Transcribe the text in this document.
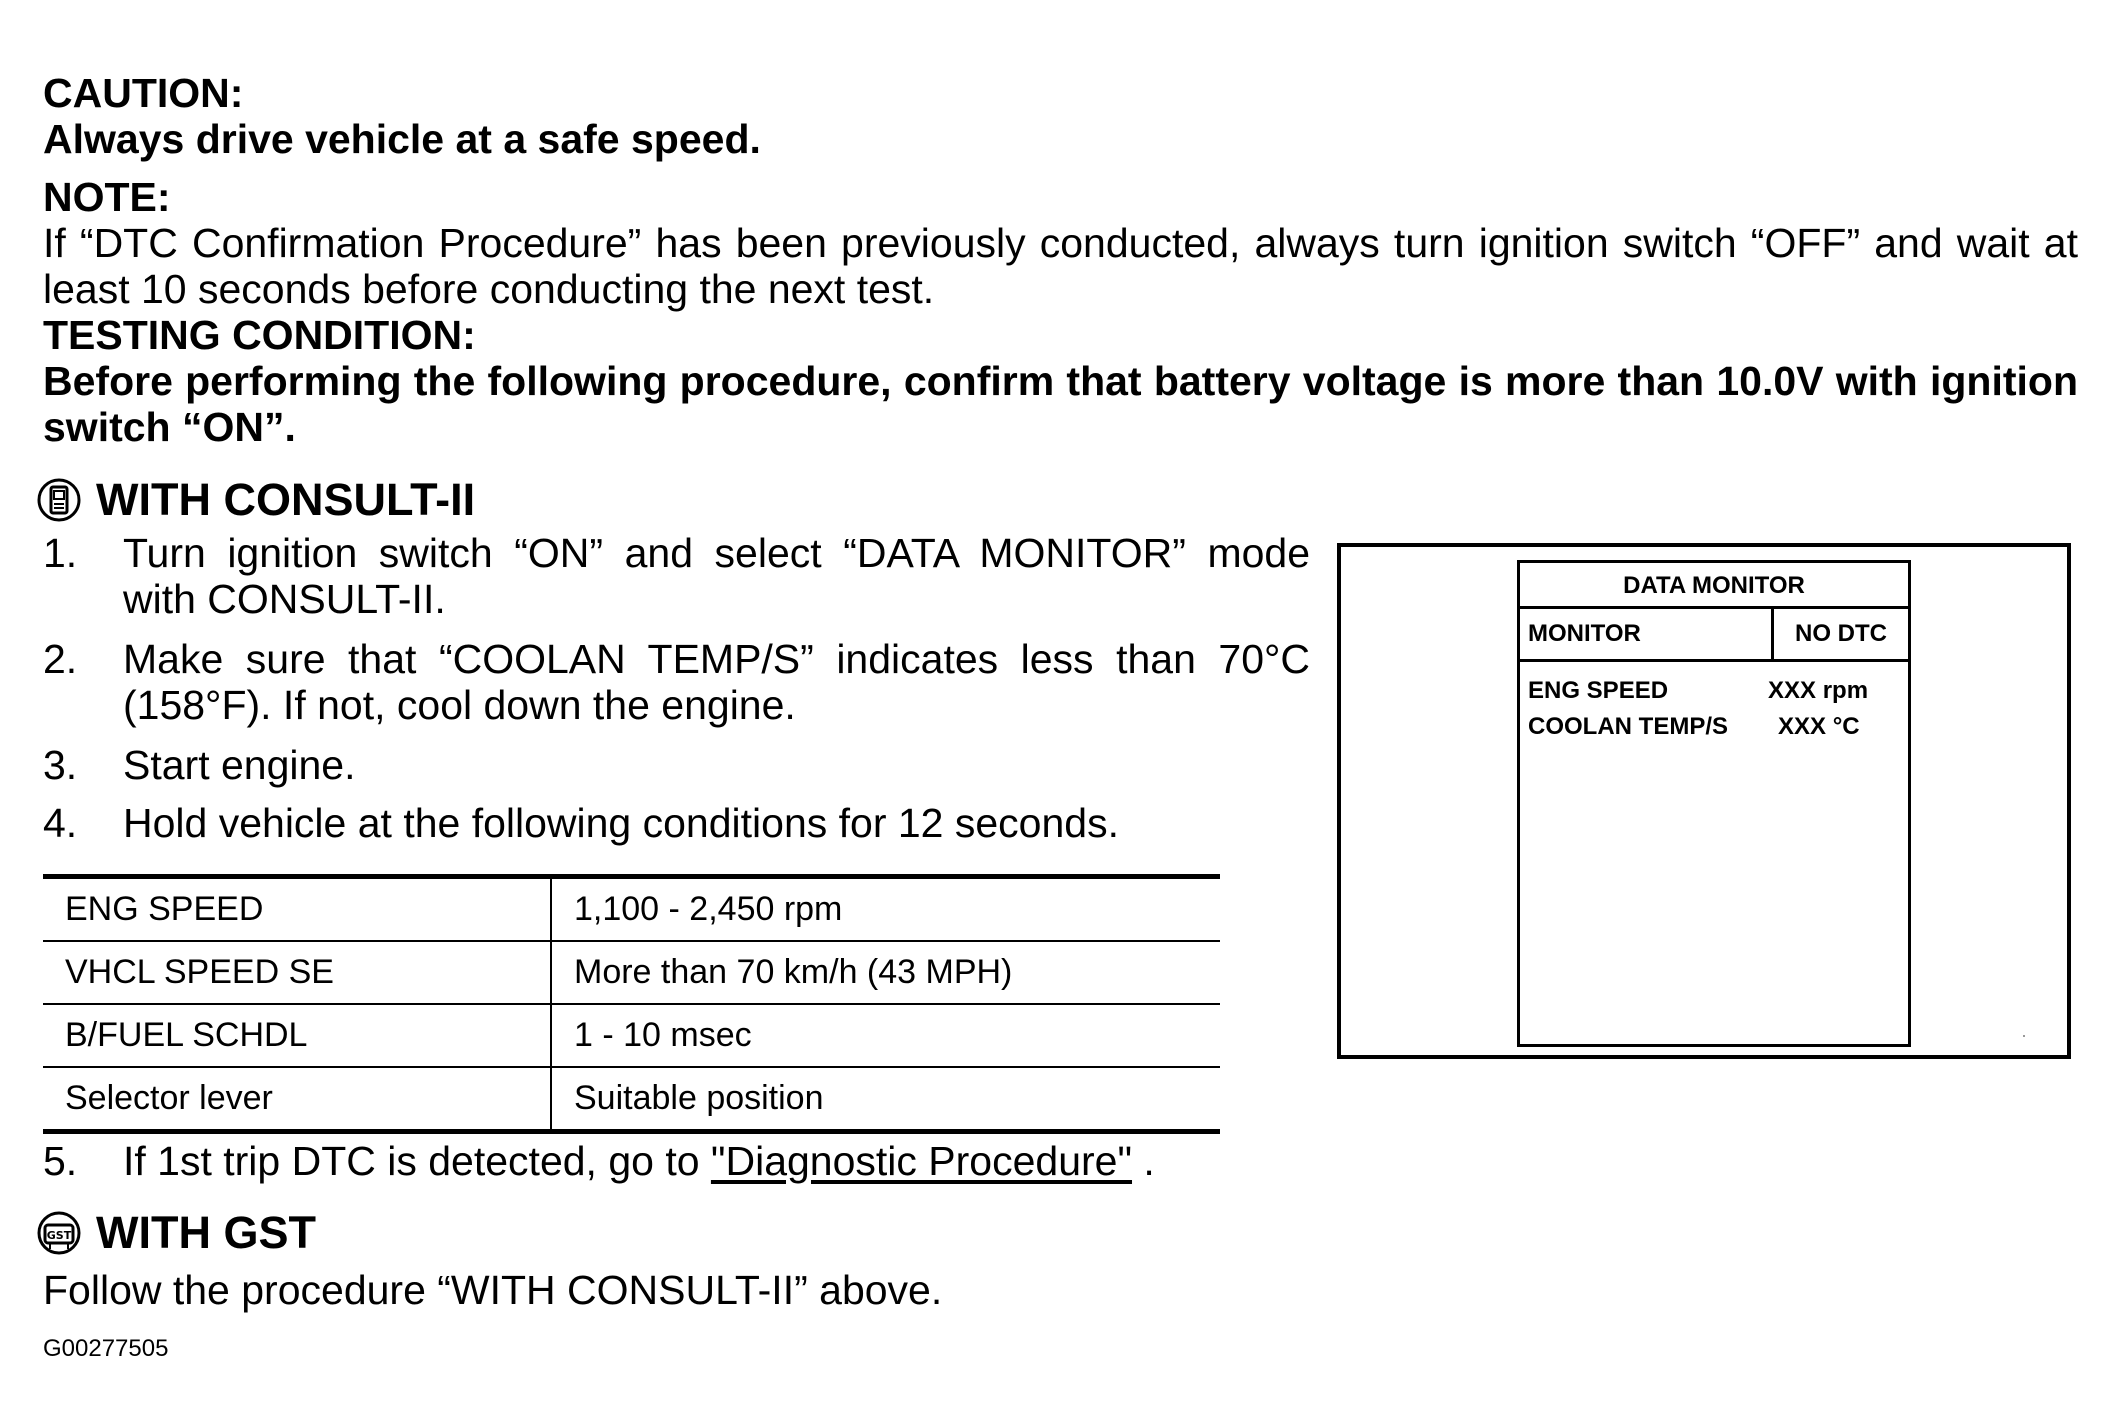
CAUTION:
Always drive vehicle at a safe speed.
NOTE:
If “DTC Confirmation Procedure” has been previously conducted, always turn ignition switch “OFF” and wait at least 10 seconds before conducting the next test.
TESTING CONDITION:
Before performing the following procedure, confirm that battery voltage is more than 10.0V with ignition switch “ON”.
WITH CONSULT-II
1.	Turn ignition switch “ON” and select “DATA MONITOR” mode with CONSULT-II.
2.	Make sure that “COOLAN TEMP/S” indicates less than 70°C (158°F). If not, cool down the engine.
3.	Start engine.
4.	Hold vehicle at the following conditions for 12 seconds.
ENG SPEED	1,100 - 2,450 rpm
VHCL SPEED SE	More than 70 km/h (43 MPH)
B/FUEL SCHDL	1 - 10 msec
Selector lever	Suitable position
5.	If 1st trip DTC is detected, go to "Diagnostic Procedure" .
DATA MONITOR
MONITOR	NO DTC
ENG SPEED	XXX rpm
COOLAN TEMP/S XXX °C
GST WITH GST
Follow the procedure “WITH CONSULT-II” above.
G00277505
